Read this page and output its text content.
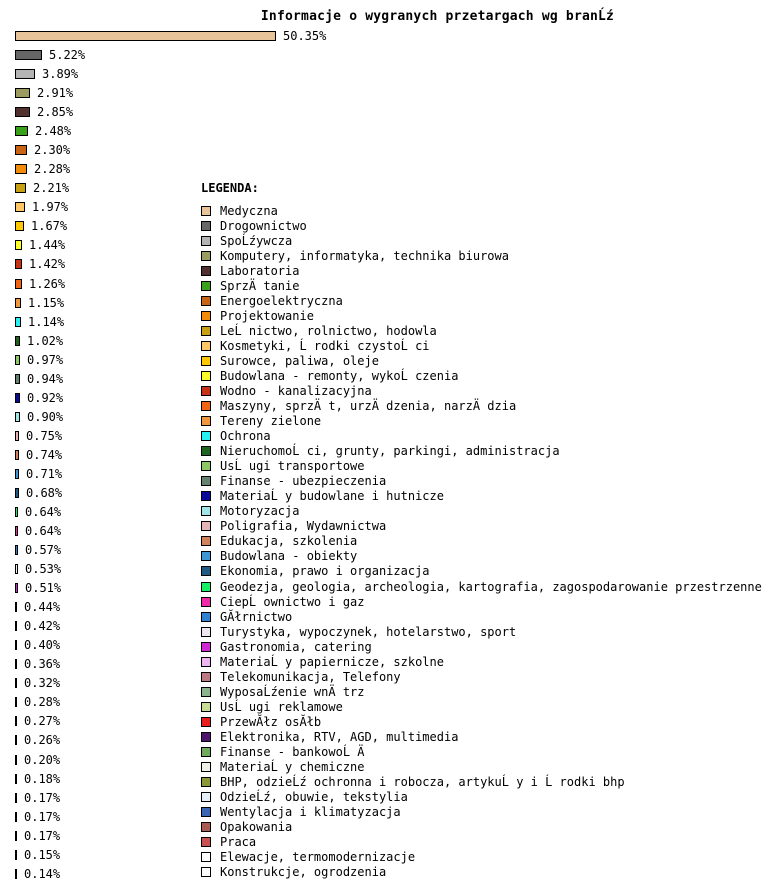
Informacje o wygranych przetargach wg branĹź
50.35%
5.22%
3.89%
2.91%
2.85%
2.48%
2.30%
2.28%
2.21%
1.97%
1.67%
1.44%
1.42%
1.26%
1.15%
1.14%
1.02%
0.97%
0.94%
0.92%
0.90%
0.75%
0.74%
0.71%
0.68%
0.64%
0.64%
0.57%
0.53%
0.51%
0.44%
0.42%
0.40%
0.36%
0.32%
0.28%
0.27%
0.26%
0.20%
0.18%
0.17%
0.17%
0.17%
0.15%
0.14%
LEGENDA:
Medyczna
Drogownictwo
SpoĹźywcza
Komputery, informatyka, technika biurowa
Laboratoria
SprzÄ tanie
Energoelektryczna
Projektowanie
LeĹ nictwo, rolnictwo, hodowla
Kosmetyki, Ĺ rodki czystoĹ ci
Surowce, paliwa, oleje
Budowlana - remonty, wykoĹ czenia
Wodno - kanalizacyjna
Maszyny, sprzÄ t, urzÄ dzenia, narzÄ dzia
Tereny zielone
Ochrona
NieruchomoĹ ci, grunty, parkingi, administracja
UsĹ ugi transportowe
Finanse - ubezpieczenia
MateriaĹ y budowlane i hutnicze
Motoryzacja
Poligrafia, Wydawnictwa
Edukacja, szkolenia
Budowlana - obiekty
Ekonomia, prawo i organizacja
Geodezja, geologia, archeologia, kartografia, zagospodarowanie przestrzenne
CiepĹ ownictwo i gaz
GĂłrnictwo
Turystyka, wypoczynek, hotelarstwo, sport
Gastronomia, catering
MateriaĹ y papiernicze, szkolne
Telekomunikacja, Telefony
WyposaĹźenie wnÄ trz
UsĹ ugi reklamowe
PrzewĂłz osĂłb
Elektronika, RTV, AGD, multimedia
Finanse - bankowoĹ Ä
MateriaĹ y chemiczne
BHP, odzieĹź ochronna i robocza, artykuĹ y i Ĺ rodki bhp
OdzieĹź, obuwie, tekstylia
Wentylacja i klimatyzacja
Opakowania
Praca
Elewacje, termomodernizacje
Konstrukcje, ogrodzenia
